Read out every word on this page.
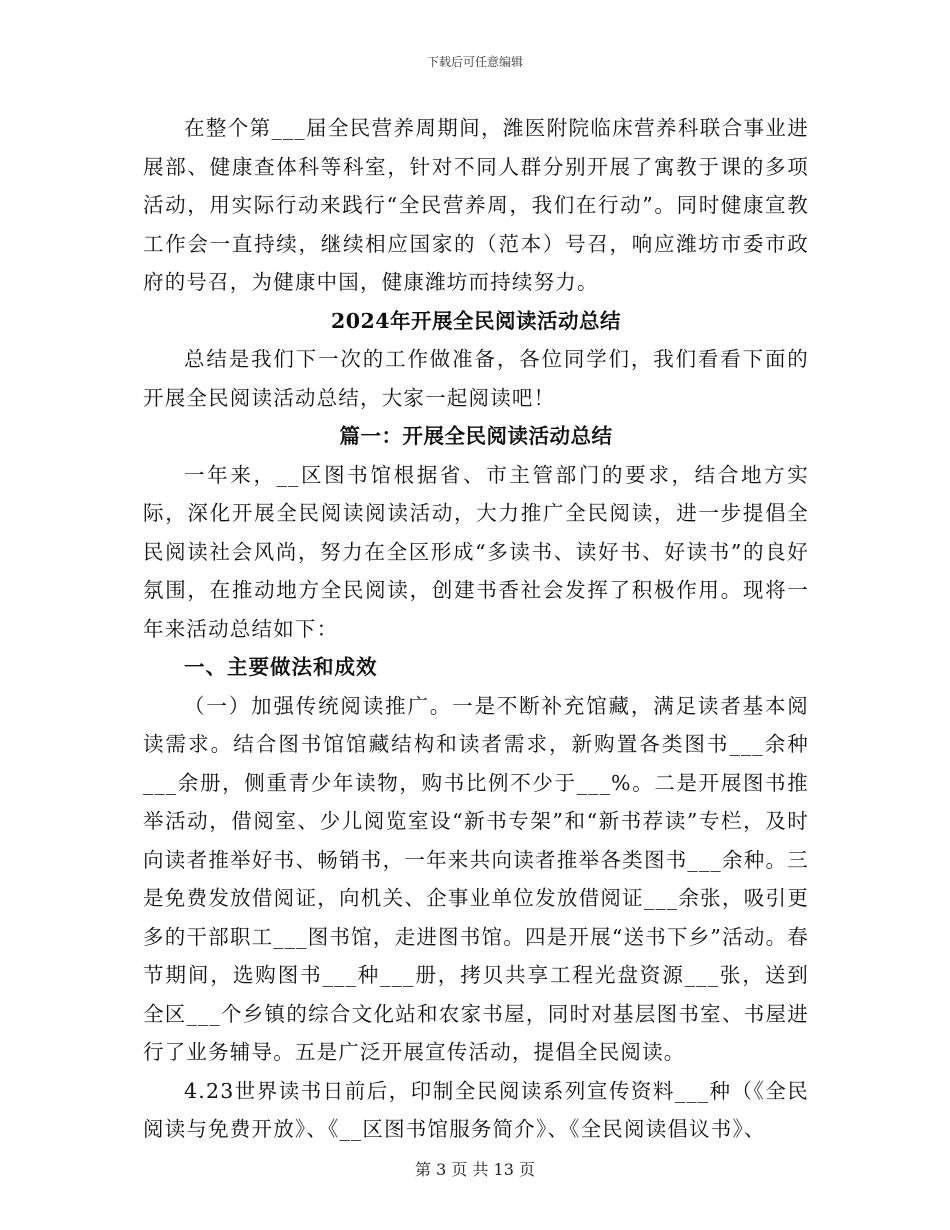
下载后可任意编辑

在整个第___届全民营养周期间，潍医附院临床营养科联合事业进展部、健康查体科等科室，针对不同人群分别开展了寓教于课的多项活动，用实际行动来践行“全民营养周，我们在行动”。同时健康宣教工作会一直持续，继续相应国家的（范本）号召，响应潍坊市委市政府的号召，为健康中国，健康潍坊而持续努力。

2024年开展全民阅读活动总结

总结是我们下一次的工作做准备，各位同学们，我们看看下面的开展全民阅读活动总结，大家一起阅读吧！

篇一：开展全民阅读活动总结

一年来，__区图书馆根据省、市主管部门的要求，结合地方实际，深化开展全民阅读阅读活动，大力推广全民阅读，进一步提倡全民阅读社会风尚，努力在全区形成“多读书、读好书、好读书”的良好氛围，在推动地方全民阅读，创建书香社会发挥了积极作用。现将一年来活动总结如下：

一、主要做法和成效

（一）加强传统阅读推广。一是不断补充馆藏，满足读者基本阅读需求。结合图书馆馆藏结构和读者需求，新购置各类图书___余种___余册，侧重青少年读物，购书比例不少于___%。二是开展图书推举活动，借阅室、少儿阅览室设“新书专架”和“新书荐读”专栏，及时向读者推举好书、畅销书，一年来共向读者推举各类图书___余种。三是免费发放借阅证，向机关、企事业单位发放借阅证___余张，吸引更多的干部职工___图书馆，走进图书馆。四是开展“送书下乡”活动。春节期间，选购图书___种___册，拷贝共享工程光盘资源___张，送到全区___个乡镇的综合文化站和农家书屋，同时对基层图书室、书屋进行了业务辅导。五是广泛开展宣传活动，提倡全民阅读。

4.23世界读书日前后，印制全民阅读系列宣传资料___种（《全民阅读与免费开放》、《__区图书馆服务简介》、《全民阅读倡议书》、

第 3 页 共 13 页
